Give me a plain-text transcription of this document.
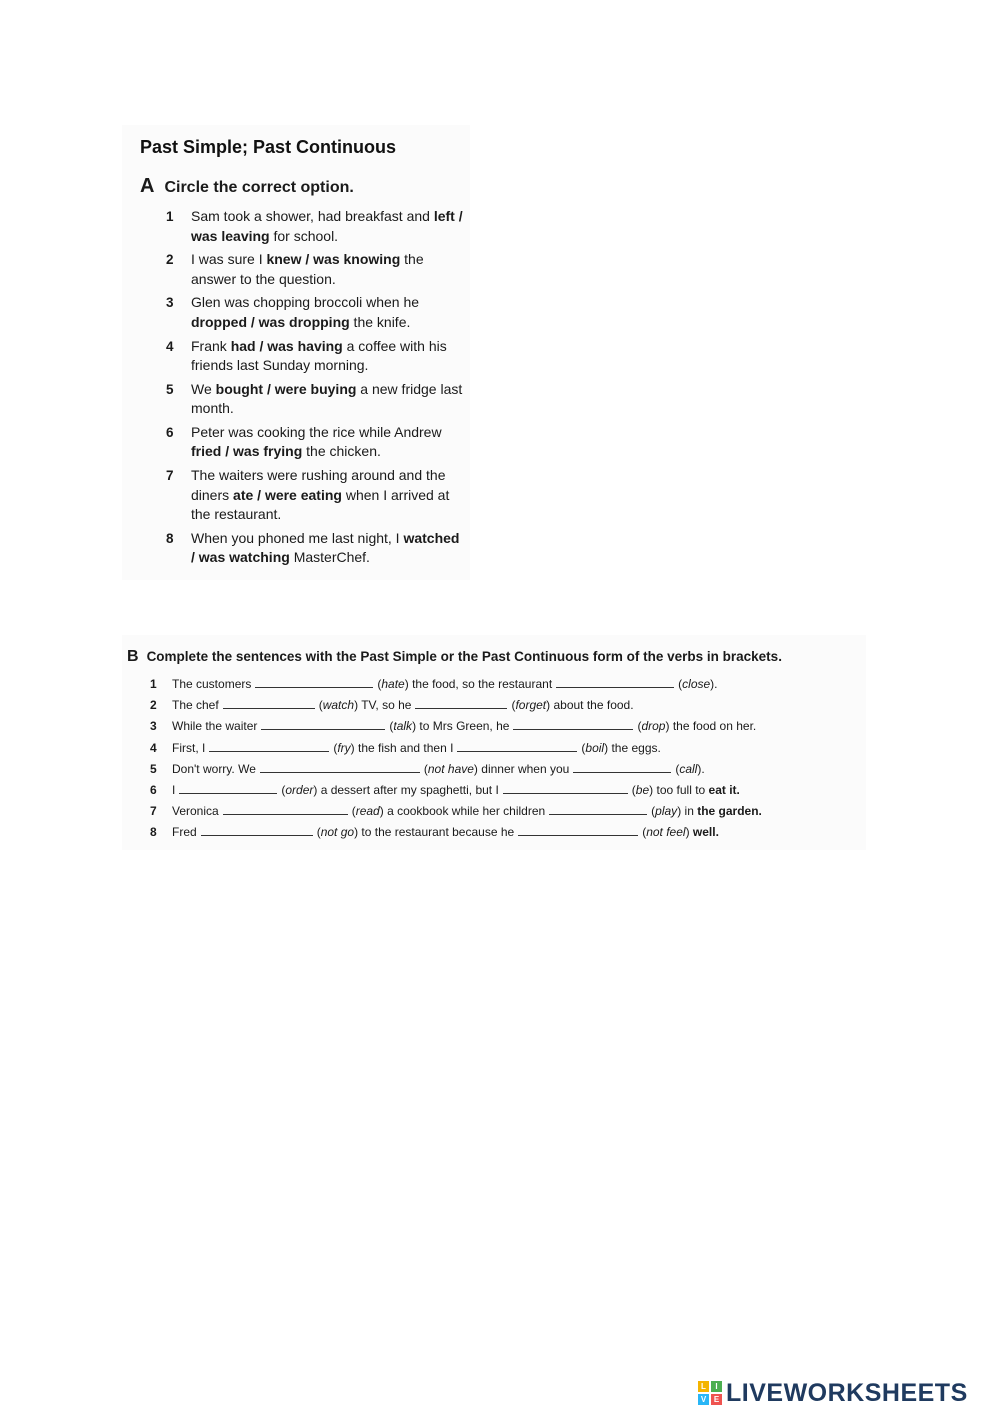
Past Simple; Past Continuous
A Circle the correct option.
1 Sam took a shower, had breakfast and left / was leaving for school.
2 I was sure I knew / was knowing the answer to the question.
3 Glen was chopping broccoli when he dropped / was dropping the knife.
4 Frank had / was having a coffee with his friends last Sunday morning.
5 We bought / were buying a new fridge last month.
6 Peter was cooking the rice while Andrew fried / was frying the chicken.
7 The waiters were rushing around and the diners ate / were eating when I arrived at the restaurant.
8 When you phoned me last night, I watched / was watching MasterChef.
B Complete the sentences with the Past Simple or the Past Continuous form of the verbs in brackets.
1 The customers	(hate) the food, so the restaurant	(close).
2 The chef	(watch) TV, so he	(forget) about the food.
3 While the waiter	(talk) to Mrs Green, he	(drop) the food on her.
4 First, I	(fry) the fish and then I	(boil) the eggs.
5 Don't worry. We	(not have) dinner when you	(call).
6 I	(order) a dessert after my spaghetti, but I	(be) too full to eat it.
7 Veronica	(read) a cookbook while her children	(play) in the garden.
8 Fred	(not go) to the restaurant because he	(not feel) well.
L	I
V E LIVEWORKSHEETS
